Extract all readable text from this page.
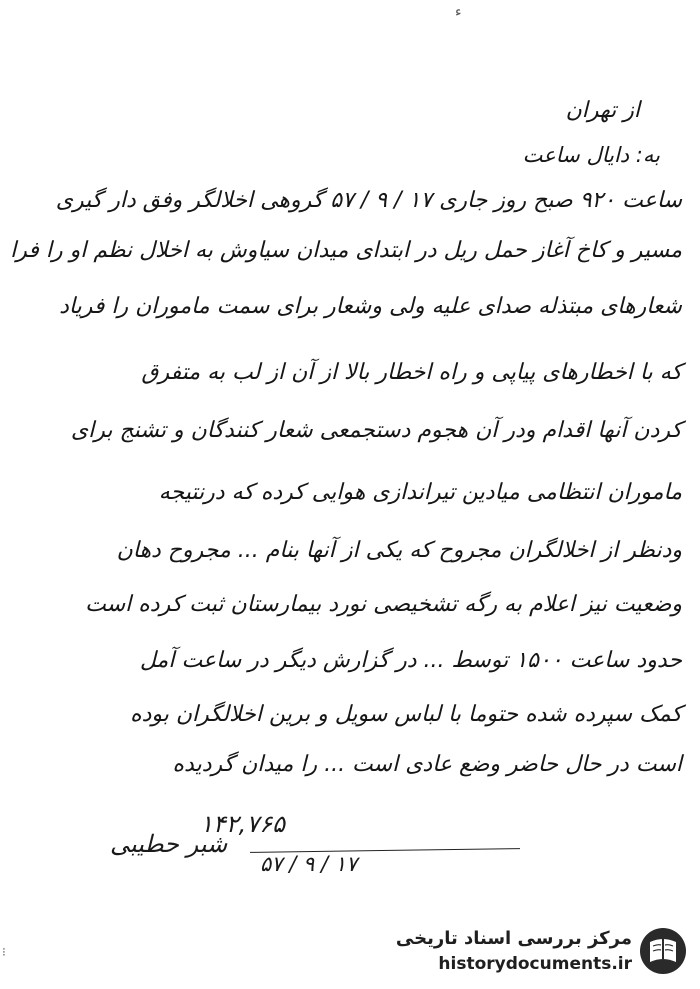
ﺀ
از تهران
به: دایال ساعت
ساعت ۹۲۰ صبح روز جاری ۱۷ / ۹ / ۵۷ گروهی اخلالگر وفق دار گیری
مسیر و کاخ آغاز حمل ریل در ابتدای میدان سیاوش به اخلال نظم او را فرا
شعارهای مبتذله صدای علیه ولی وشعار برای سمت ماموران را فریاد
که با اخطارهای پیاپی و راه اخطار بالا از آن از لب به متفرق
کردن آنها اقدام ودر آن هجوم دستجمعی شعار کنندگان و تشنج برای
ماموران انتظامی میادین تیراندازی هوایی کرده که درنتیجه
ودنظر از اخلالگران مجروح که یکی از آنها بنام ... مجروح دهان
وضعیت نیز اعلام به رگه تشخیصی نورد بیمارستان ثبت کرده است
حدود ساعت ۱۵۰۰ توسط ... در گزارش دیگر در ساعت آمل
کمک سپرده شده حتوما با لباس سویل و برین اخلالگران بوده
است در حال حاضر وضع عادی است ... را میدان گردیده
۱۴۲,۷۶۵
۵۷ / ۹ / ۱۷
شبر حطیبی
⁝
مرکز بررسی اسناد تاریخی
historydocuments.ir
